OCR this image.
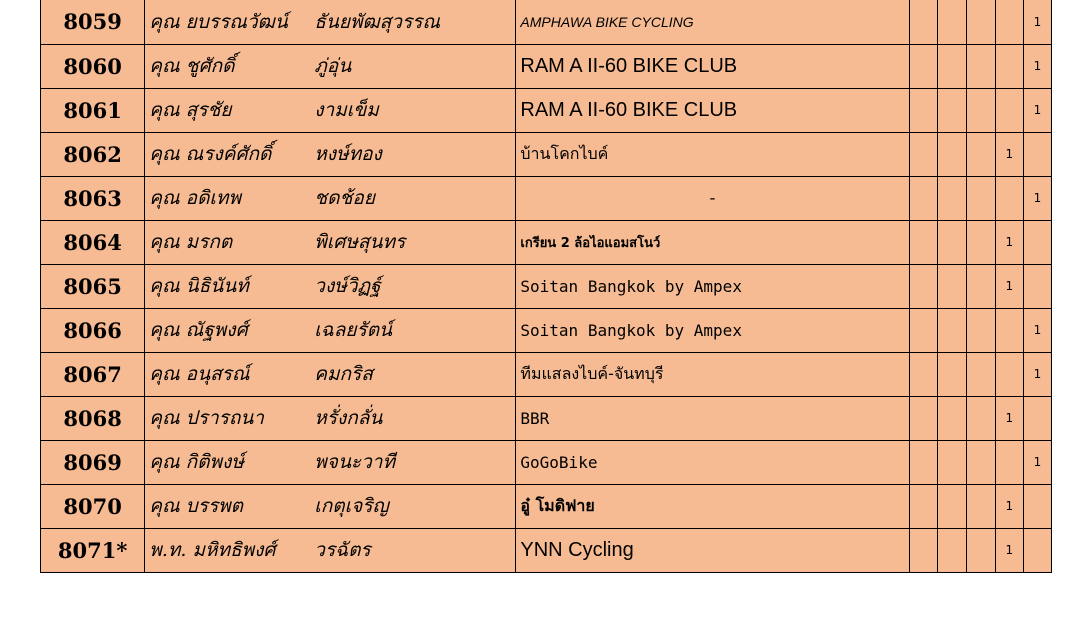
8059	คุณ ยบรรณวัฒน์	ธันยพัฒสุวรรณ	AMPHAWA BIKE CYCLING					1
8060	คุณ ชูศักดิ์	ภู่อุ่น	RAM A II-60 BIKE CLUB					1
8061	คุณ สุรชัย	งามเข็ม	RAM A II-60 BIKE CLUB					1
8062	คุณ ณรงค์ศักดิ์	หงษ์ทอง	บ้านโคกไบค์				1	
8063	คุณ อดิเทพ	ชดช้อย	-					1
8064	คุณ มรกต	พิเศษสุนทร	เกรียน 2 ล้อไอแอมสโนว์				1	
8065	คุณ นิธินันท์	วงษ์วิฏฐ์	Soitan Bangkok by Ampex				1	
8066	คุณ ณัฐพงศ์	เฉลยรัตน์	Soitan Bangkok by Ampex					1
8067	คุณ อนุสรณ์	คมกริส	ทีมแสลงไบค์-จันทบุรี					1
8068	คุณ ปรารถนา	หรั่งกลั่น	BBR				1	
8069	คุณ กิติพงษ์	พจนะวาที	GoGoBike					1
8070	คุณ บรรพต	เกตุเจริญ	อู๋ โมดิฟาย				1	
8071*	พ.ท. มหิทธิพงศ์	วรฉัตร	YNN Cycling				1	
